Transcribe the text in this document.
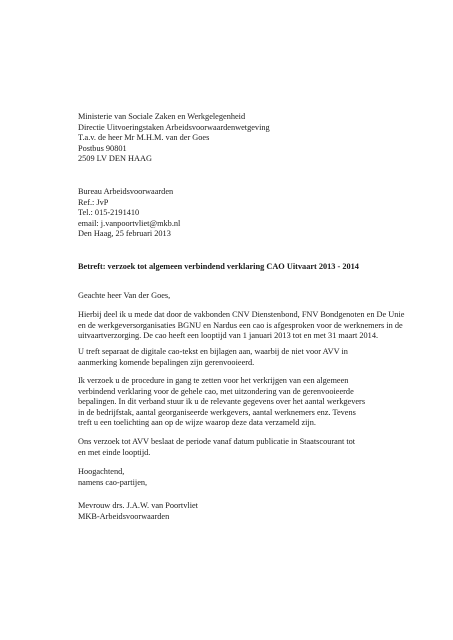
Ministerie van Sociale Zaken en Werkgelegenheid
Directie Uitvoeringstaken Arbeidsvoorwaardenwetgeving
T.a.v. de heer Mr M.H.M. van der Goes
Postbus 90801
2509 LV DEN HAAG
Bureau Arbeidsvoorwaarden
Ref.: JvP
Tel.: 015-2191410
email: j.vanpoortvliet@mkb.nl
Den Haag, 25 februari 2013
Betreft: verzoek tot algemeen verbindend verklaring CAO Uitvaart 2013 - 2014
Geachte heer Van der Goes,
Hierbij deel ik u mede dat door de vakbonden CNV Dienstenbond, FNV Bondgenoten en De Unie
en de werkgeversorganisaties BGNU en Nardus een cao is afgesproken voor de werknemers in de
uitvaartverzorging. De cao heeft een looptijd van 1 januari 2013 tot en met 31 maart 2014.
U treft separaat de digitale cao-tekst en bijlagen aan, waarbij de niet voor AVV in
aanmerking komende bepalingen zijn gerenvooieerd.
Ik verzoek u de procedure in gang te zetten voor het verkrijgen van een algemeen
verbindend verklaring voor de gehele cao, met uitzondering van de gerenvooieerde
bepalingen. In dit verband stuur ik u de relevante gegevens over het aantal werkgevers
in de bedrijfstak, aantal georganiseerde werkgevers, aantal werknemers enz. Tevens
treft u een toelichting aan op de wijze waarop deze data verzameld zijn.
Ons verzoek tot AVV beslaat de periode vanaf datum publicatie in Staatscourant tot
en met einde looptijd.
Hoogachtend,
namens cao-partijen,
Mevrouw drs. J.A.W. van Poortvliet
MKB-Arbeidsvoorwaarden
